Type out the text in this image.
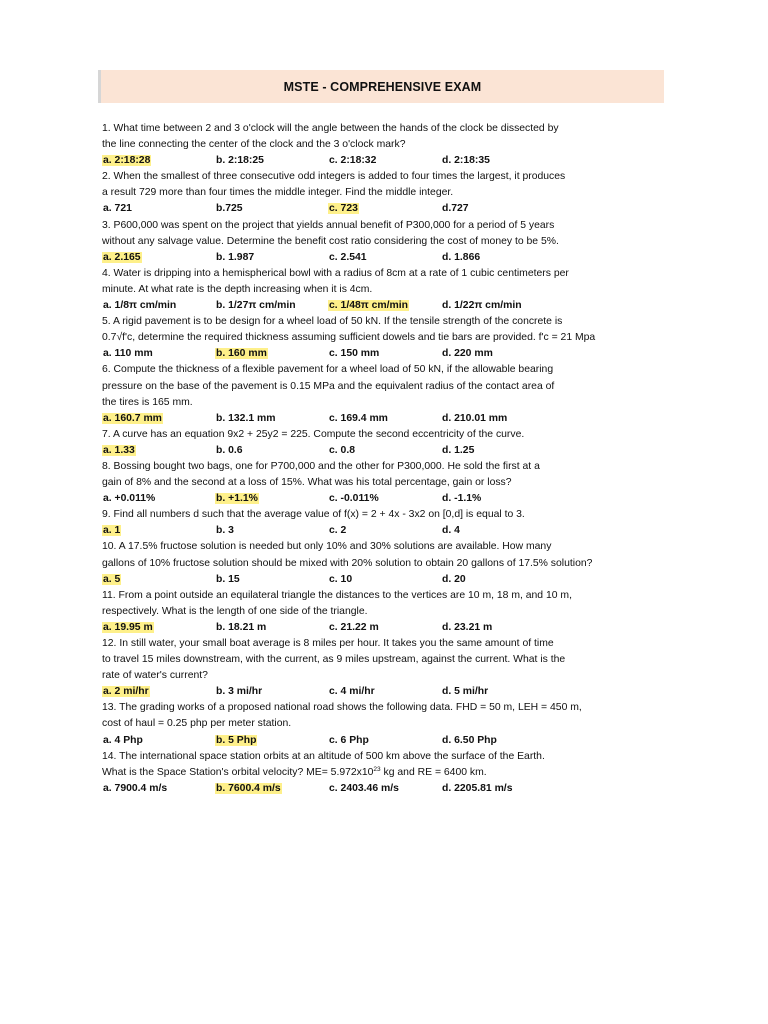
MSTE - COMPREHENSIVE EXAM
1. What time between 2 and 3 o'clock will the angle between the hands of the clock be dissected by
the line connecting the center of the clock and the 3 o'clock mark?
a. 2:18:28	b. 2:18:25	c. 2:18:32	d. 2:18:35
2. When the smallest of three consecutive odd integers is added to four times the largest, it produces
a result 729 more than four times the middle integer. Find the middle integer.
a. 721	b.725	c. 723	d.727
3. P600,000 was spent on the project that yields annual benefit of P300,000 for a period of 5 years
without any salvage value. Determine the benefit cost ratio considering the cost of money to be 5%.
a. 2.165	b. 1.987	c. 2.541	d. 1.866
4. Water is dripping into a hemispherical bowl with a radius of 8cm at a rate of 1 cubic centimeters per
minute. At what rate is the depth increasing when it is 4cm.
a. 1/8π cm/min	b. 1/27π cm/min	c. 1/48π cm/min	d. 1/22π cm/min
5. A rigid pavement is to be design for a wheel load of 50 kN. If the tensile strength of the concrete is
0.7√f'c, determine the required thickness assuming sufficient dowels and tie bars are provided. f'c = 21 Mpa
a. 110 mm	b. 160 mm	c. 150 mm	d. 220 mm
6. Compute the thickness of a flexible pavement for a wheel load of 50 kN, if the allowable bearing
pressure on the base of the pavement is 0.15 MPa and the equivalent radius of the contact area of
the tires is 165 mm.
a. 160.7 mm	b. 132.1 mm	c. 169.4 mm	d. 210.01 mm
7. A curve has an equation 9x2 + 25y2 = 225. Compute the second eccentricity of the curve.
a. 1.33	b. 0.6	c. 0.8	d. 1.25
8. Bossing bought two bags, one for P700,000 and the other for P300,000. He sold the first at a
gain of 8% and the second at a loss of 15%. What was his total percentage, gain or loss?
a. +0.011%	b. +1.1%	c. -0.011%	d. -1.1%
9. Find all numbers d such that the average value of f(x) = 2 + 4x - 3x2 on [0,d] is equal to 3.
a. 1	b. 3	c. 2	d. 4
10. A 17.5% fructose solution is needed but only 10% and 30% solutions are available. How many
gallons of 10% fructose solution should be mixed with 20% solution to obtain 20 gallons of 17.5% solution?
a. 5	b. 15	c. 10	d. 20
11. From a point outside an equilateral triangle the distances to the vertices are 10 m, 18 m, and 10 m,
respectively. What is the length of one side of the triangle.
a. 19.95 m	b. 18.21 m	c. 21.22 m	d. 23.21 m
12. In still water, your small boat average is 8 miles per hour. It takes you the same amount of time
to travel 15 miles downstream, with the current, as 9 miles upstream, against the current. What is the
rate of water's current?
a. 2 mi/hr	b. 3 mi/hr	c. 4 mi/hr	d. 5 mi/hr
13. The grading works of a proposed national road shows the following data. FHD = 50 m, LEH = 450 m,
cost of haul = 0.25 php per meter station.
a. 4 Php	b. 5 Php	c. 6 Php	d. 6.50 Php
14. The international space station orbits at an altitude of 500 km above the surface of the Earth.
What is the Space Station's orbital velocity? $ME= 5.972x10^{23}$ kg and RE = 6400 km.
a. 7900.4 m/s	b. 7600.4 m/s	c. 2403.46 m/s	d. 2205.81 m/s
